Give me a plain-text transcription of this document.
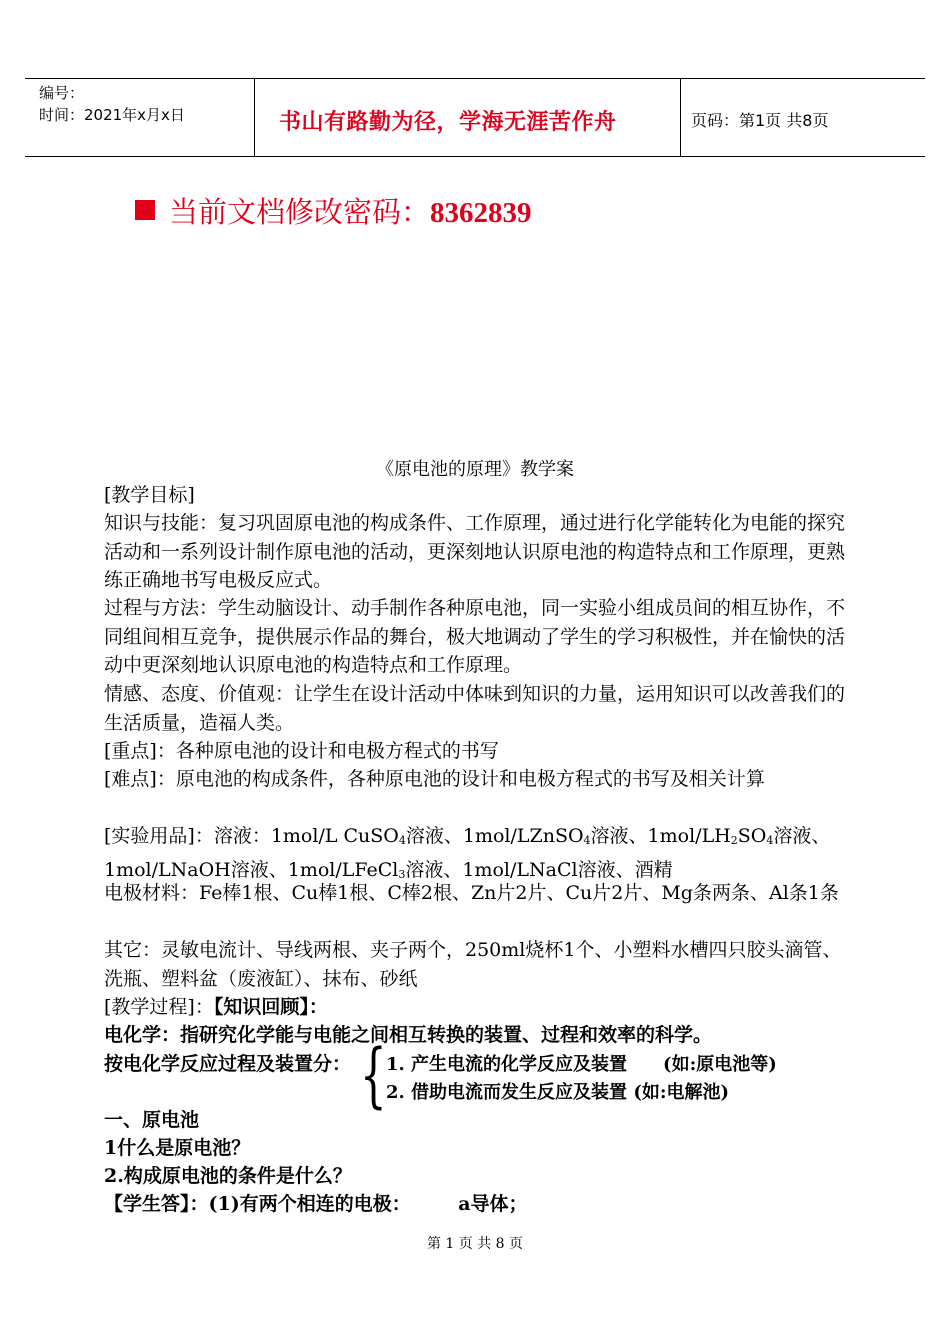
编号：
时间：2021年x月x日	书山有路勤为径，学海无涯苦作舟	页码：第1页 共8页
当前文档修改密码：8362839
《原电池的原理》教学案
[教学目标]
知识与技能：复习巩固原电池的构成条件、工作原理，通过进行化学能转化为电能的探究活动和一系列设计制作原电池的活动，更深刻地认识原电池的构造特点和工作原理，更熟练正确地书写电极反应式。
过程与方法：学生动脑设计、动手制作各种原电池，同一实验小组成员间的相互协作，不同组间相互竞争，提供展示作品的舞台，极大地调动了学生的学习积极性，并在愉快的活动中更深刻地认识原电池的构造特点和工作原理。
情感、态度、价值观：让学生在设计活动中体味到知识的力量，运用知识可以改善我们的生活质量，造福人类。
[重点]：各种原电池的设计和电极方程式的书写
[难点]：原电池的构成条件，各种原电池的设计和电极方程式的书写及相关计算
[实验用品]：溶液：1mol/L CuSO4溶液、1mol/LZnSO4溶液、1mol/LH2SO4溶液、1mol/LNaOH溶液、1mol/LFeCl3溶液、1mol/LNaCl溶液、酒精
电极材料：Fe棒1根、Cu棒1根、C棒2根、Zn片2片、Cu片2片、Mg条两条、Al条1条
其它：灵敏电流计、导线两根、夹子两个，250ml烧杯1个、小塑料水槽四只胶头滴管、洗瓶、塑料盆（废液缸）、抹布、砂纸
[教学过程]：【知识回顾】：
电化学：指研究化学能与电能之间相互转换的装置、过程和效率的科学。
按电化学反应过程及装置分： { 1. 产生电流的化学反应及装置　　(如:原电池等)
2. 借助电流而发生反应及装置 (如:电解池)
一、原电池
1什么是原电池？
2.构成原电池的条件是什么？
【学生答】：(1)有两个相连的电极：　　　a导体；
第 1 页 共 8 页
